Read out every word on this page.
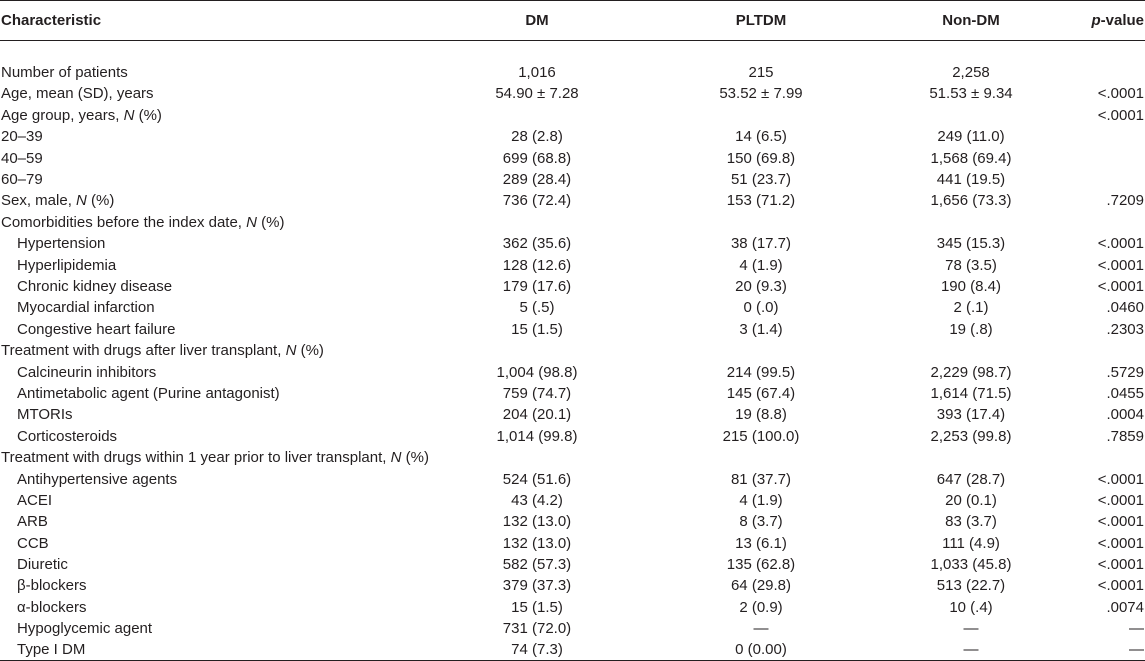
Characteristic	DM	PLTDM	Non-DM	p-value

Number of patients	1,016	215	2,258	
Age, mean (SD), years	54.90 ± 7.28	53.52 ± 7.99	51.53 ± 9.34	<.0001
Age group, years, N (%)				<.0001
20–39	28 (2.8)	14 (6.5)	249 (11.0)	
40–59	699 (68.8)	150 (69.8)	1,568 (69.4)	
60–79	289 (28.4)	51 (23.7)	441 (19.5)	
Sex, male, N (%)	736 (72.4)	153 (71.2)	1,656 (73.3)	.7209
Comorbidities before the index date, N (%)				
Hypertension	362 (35.6)	38 (17.7)	345 (15.3)	<.0001
Hyperlipidemia	128 (12.6)	4 (1.9)	78 (3.5)	<.0001
Chronic kidney disease	179 (17.6)	20 (9.3)	190 (8.4)	<.0001
Myocardial infarction	5 (.5)	0 (.0)	2 (.1)	.0460
Congestive heart failure	15 (1.5)	3 (1.4)	19 (.8)	.2303
Treatment with drugs after liver transplant, N (%)				
Calcineurin inhibitors	1,004 (98.8)	214 (99.5)	2,229 (98.7)	.5729
Antimetabolic agent (Purine antagonist)	759 (74.7)	145 (67.4)	1,614 (71.5)	.0455
MTORIs	204 (20.1)	19 (8.8)	393 (17.4)	.0004
Corticosteroids	1,014 (99.8)	215 (100.0)	2,253 (99.8)	.7859
Treatment with drugs within 1 year prior to liver transplant, N (%)				
Antihypertensive agents	524 (51.6)	81 (37.7)	647 (28.7)	<.0001
ACEI	43 (4.2)	4 (1.9)	20 (0.1)	<.0001
ARB	132 (13.0)	8 (3.7)	83 (3.7)	<.0001
CCB	132 (13.0)	13 (6.1)	111 (4.9)	<.0001
Diuretic	582 (57.3)	135 (62.8)	1,033 (45.8)	<.0001
β-blockers	379 (37.3)	64 (29.8)	513 (22.7)	<.0001
α-blockers	15 (1.5)	2 (0.9)	10 (.4)	.0074
Hypoglycemic agent	731 (72.0)	—	—	—
Type I DM	74 (7.3)	0 (0.00)	—	—
